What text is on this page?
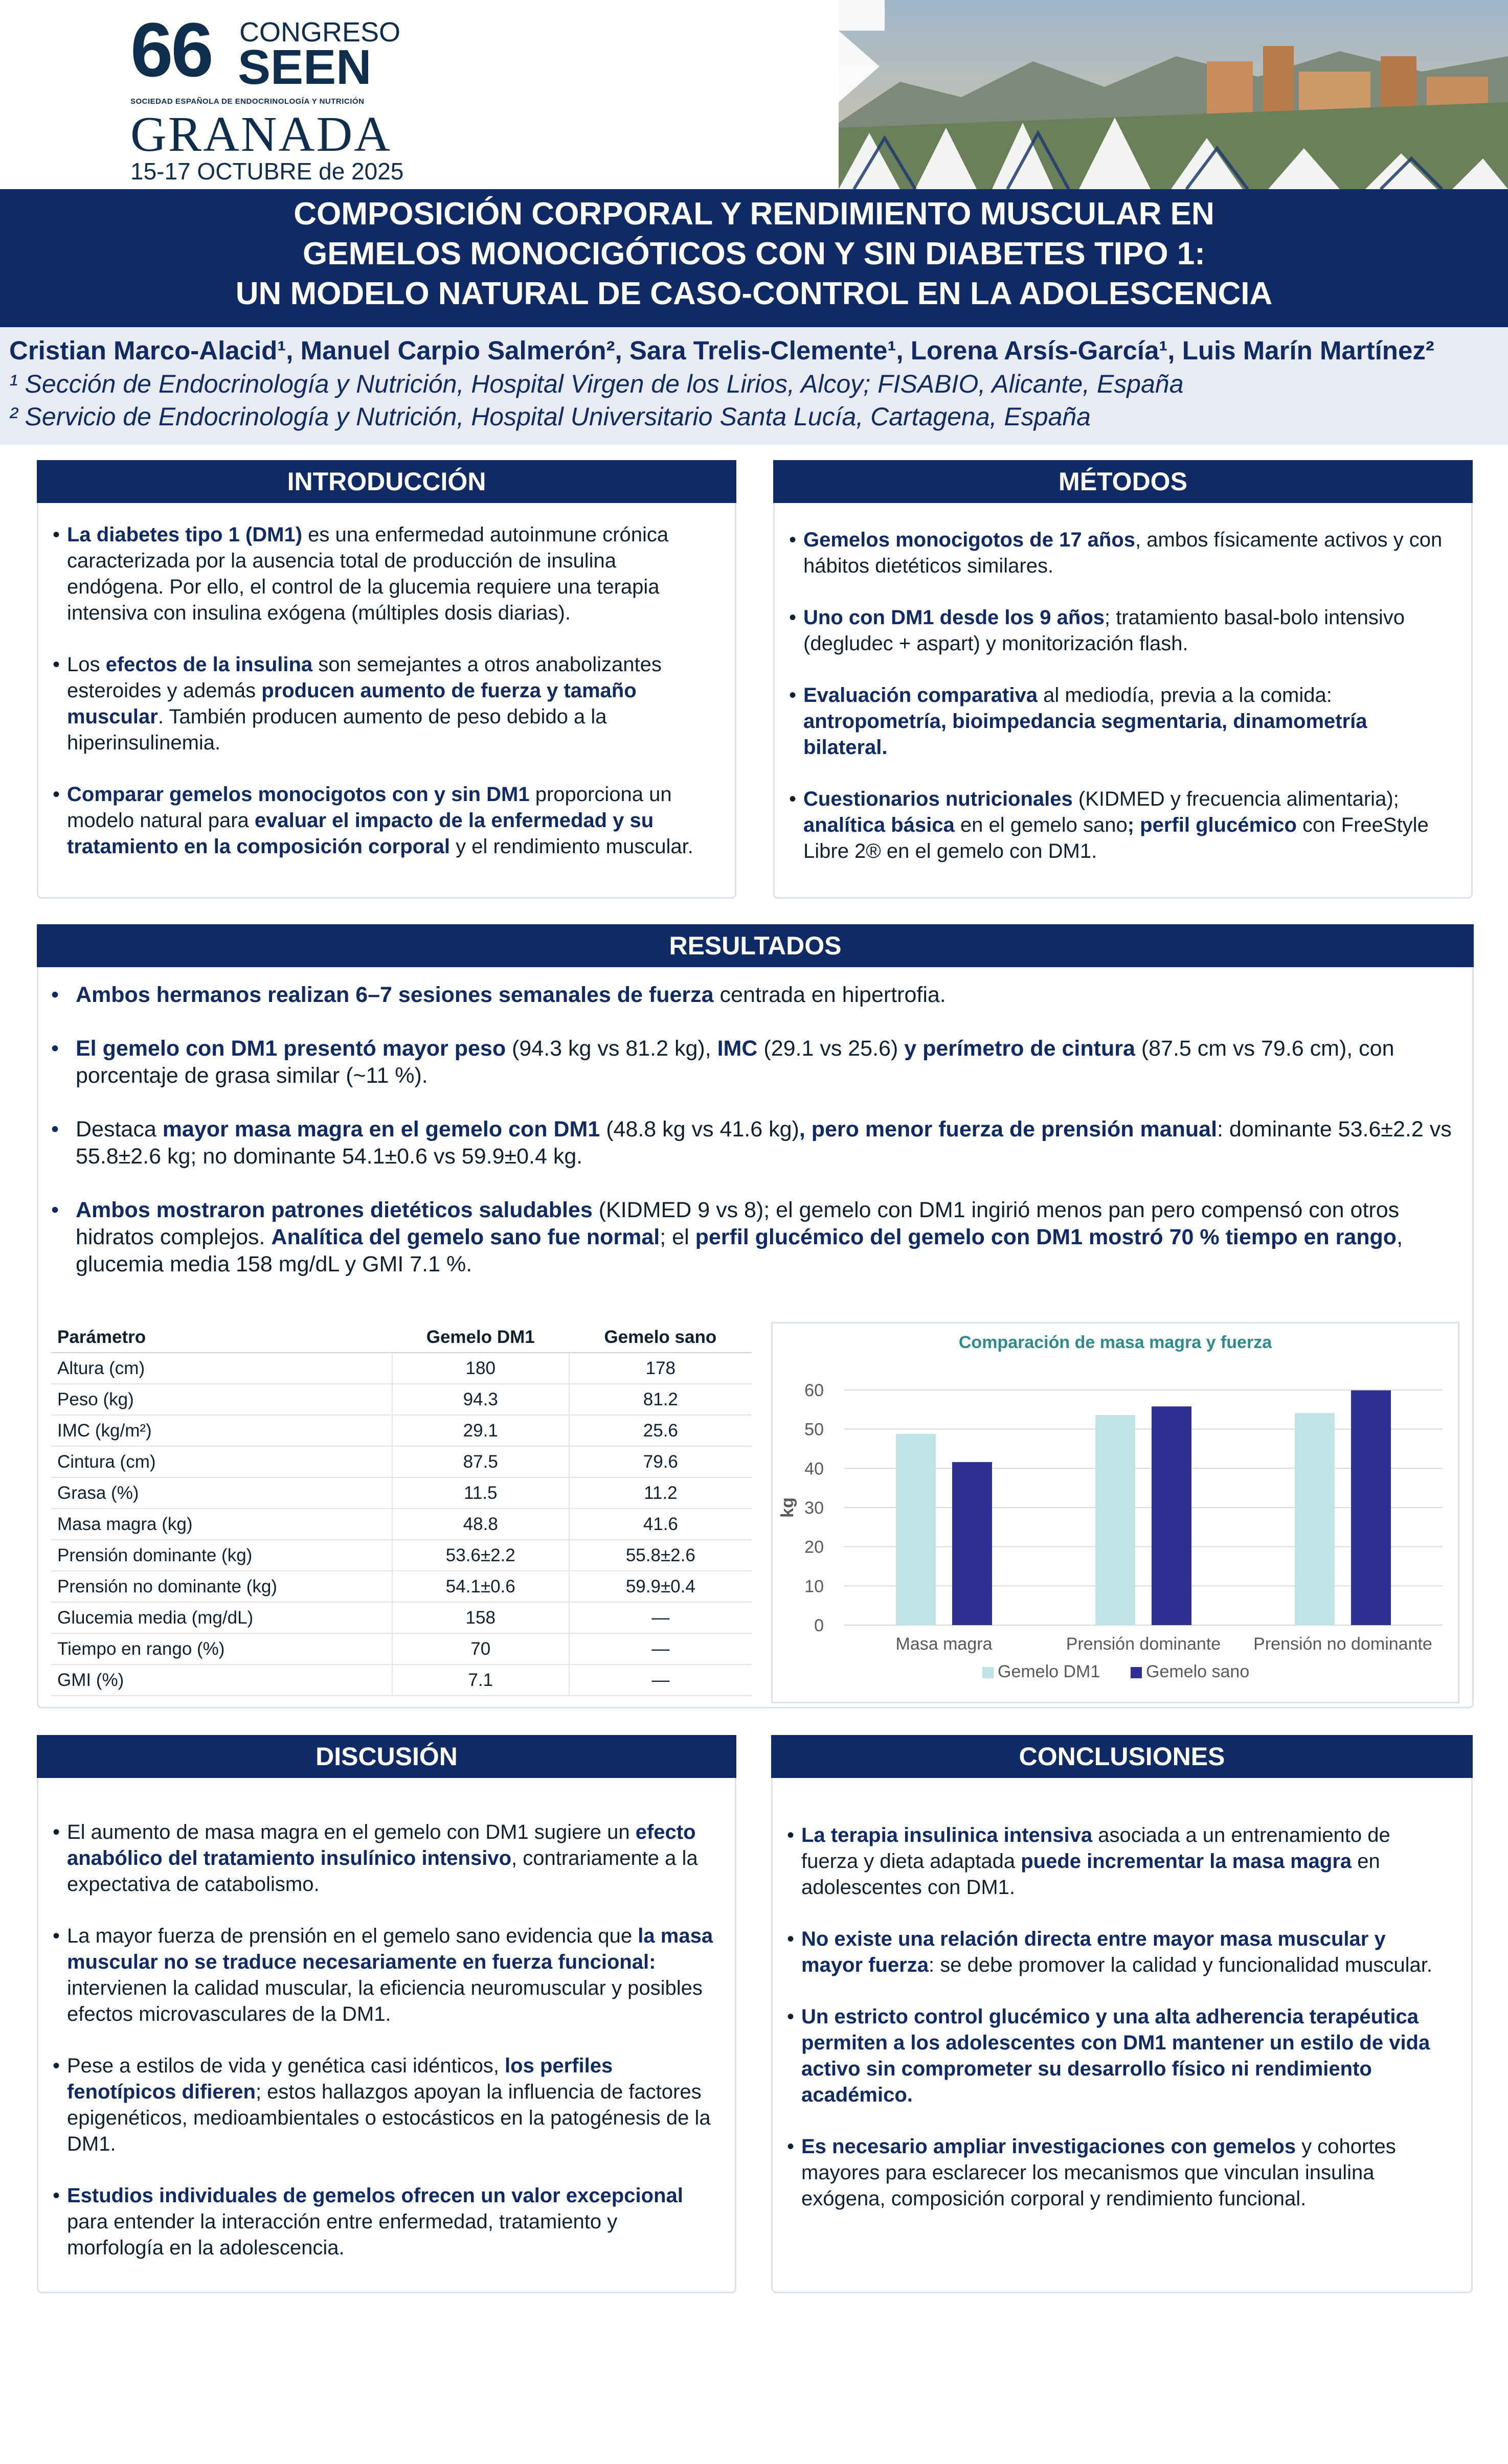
66 CONGRESO
SEEN
SOCIEDAD ESPAÑOLA DE ENDOCRINOLOGÍA Y NUTRICIÓN
GRANADA
15-17 OCTUBRE de 2025
COMPOSICIÓN CORPORAL Y RENDIMIENTO MUSCULAR EN
GEMELOS MONOCIGÓTICOS CON Y SIN DIABETES TIPO 1:
UN MODELO NATURAL DE CASO-CONTROL EN LA ADOLESCENCIA
Cristian Marco-Alacid¹, Manuel Carpio Salmerón², Sara Trelis-Clemente¹, Lorena Arsís-García¹, Luis Marín Martínez²
¹ Sección de Endocrinología y Nutrición, Hospital Virgen de los Lirios, Alcoy; FISABIO, Alicante, España
² Servicio de Endocrinología y Nutrición, Hospital Universitario Santa Lucía, Cartagena, España
INTRODUCCIÓN
• La diabetes tipo 1 (DM1) es una enfermedad autoinmune crónica caracterizada por la ausencia total de producción de insulina endógena. Por ello, el control de la glucemia requiere una terapia intensiva con insulina exógena (múltiples dosis diarias).
• Los efectos de la insulina son semejantes a otros anabolizantes esteroides y además producen aumento de fuerza y tamaño muscular. También producen aumento de peso debido a la hiperinsulinemia.
• Comparar gemelos monocigotos con y sin DM1 proporciona un modelo natural para evaluar el impacto de la enfermedad y su tratamiento en la composición corporal y el rendimiento muscular.
MÉTODOS
• Gemelos monocigotos de 17 años, ambos físicamente activos y con hábitos dietéticos similares.
• Uno con DM1 desde los 9 años; tratamiento basal-bolo intensivo (degludec + aspart) y monitorización flash.
• Evaluación comparativa al mediodía, previa a la comida: antropometría, bioimpedancia segmentaria, dinamometría bilateral.
• Cuestionarios nutricionales (KIDMED y frecuencia alimentaria); analítica básica en el gemelo sano; perfil glucémico con FreeStyle Libre 2® en el gemelo con DM1.
RESULTADOS
• Ambos hermanos realizan 6–7 sesiones semanales de fuerza centrada en hipertrofia.
• El gemelo con DM1 presentó mayor peso (94.3 kg vs 81.2 kg), IMC (29.1 vs 25.6) y perímetro de cintura (87.5 cm vs 79.6 cm), con porcentaje de grasa similar (~11 %).
• Destaca mayor masa magra en el gemelo con DM1 (48.8 kg vs 41.6 kg), pero menor fuerza de prensión manual: dominante 53.6±2.2 vs 55.8±2.6 kg; no dominante 54.1±0.6 vs 59.9±0.4 kg.
• Ambos mostraron patrones dietéticos saludables (KIDMED 9 vs 8); el gemelo con DM1 ingirió menos pan pero compensó con otros hidratos complejos. Analítica del gemelo sano fue normal; el perfil glucémico del gemelo con DM1 mostró 70 % tiempo en rango, glucemia media 158 mg/dL y GMI 7.1 %.
Parámetro	Gemelo DM1	Gemelo sano
Altura (cm)	180	178
Peso (kg)	94.3	81.2
IMC (kg/m²)	29.1	25.6
Cintura (cm)	87.5	79.6
Grasa (%)	11.5	11.2
Masa magra (kg)	48.8	41.6
Prensión dominante (kg)	53.6±2.2	55.8±2.6
Prensión no dominante (kg)	54.1±0.6	59.9±0.4
Glucemia media (mg/dL)	158	—
Tiempo en rango (%)	70	—
GMI (%)	7.1	—
Comparación de masa magra y fuerza
0
10
20
30
40
50
60
kg
Masa magra	Prensión dominante Prensión no dominante
Gemelo DM1	Gemelo sano
DISCUSIÓN
• El aumento de masa magra en el gemelo con DM1 sugiere un efecto anabólico del tratamiento insulínico intensivo, contrariamente a la expectativa de catabolismo.
• La mayor fuerza de prensión en el gemelo sano evidencia que la masa muscular no se traduce necesariamente en fuerza funcional: intervienen la calidad muscular, la eficiencia neuromuscular y posibles efectos microvasculares de la DM1.
• Pese a estilos de vida y genética casi idénticos, los perfiles fenotípicos difieren; estos hallazgos apoyan la influencia de factores epigenéticos, medioambientales o estocásticos en la patogénesis de la DM1.
• Estudios individuales de gemelos ofrecen un valor excepcional para entender la interacción entre enfermedad, tratamiento y morfología en la adolescencia.
CONCLUSIONES
• La terapia insulinica intensiva asociada a un entrenamiento de fuerza y dieta adaptada puede incrementar la masa magra en adolescentes con DM1.
• No existe una relación directa entre mayor masa muscular y mayor fuerza: se debe promover la calidad y funcionalidad muscular.
• Un estricto control glucémico y una alta adherencia terapéutica permiten a los adolescentes con DM1 mantener un estilo de vida activo sin comprometer su desarrollo físico ni rendimiento académico.
• Es necesario ampliar investigaciones con gemelos y cohortes mayores para esclarecer los mecanismos que vinculan insulina exógena, composición corporal y rendimiento funcional.
